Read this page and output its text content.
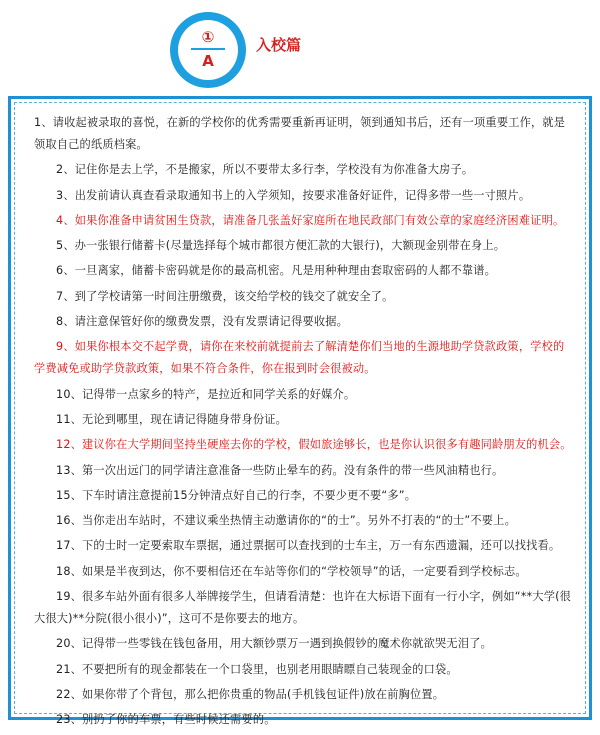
①
A
入校篇

1、请收起被录取的喜悦，在新的学校你的优秀需要重新再证明，领到通知书后，还有一项重要工作，就是领取自己的纸质档案。

2、记住你是去上学，不是搬家，所以不要带太多行李，学校没有为你准备大房子。

3、出发前请认真查看录取通知书上的入学须知，按要求准备好证件，记得多带一些一寸照片。

4、如果你准备申请贫困生贷款，请准备几张盖好家庭所在地民政部门有效公章的家庭经济困难证明。

5、办一张银行储蓄卡(尽量选择每个城市都很方便汇款的大银行)，大额现金别带在身上。

6、一旦离家，储蓄卡密码就是你的最高机密。凡是用种种理由套取密码的人都不靠谱。

7、到了学校请第一时间注册缴费，该交给学校的钱交了就安全了。

8、请注意保管好你的缴费发票，没有发票请记得要收据。

9、如果你根本交不起学费，请你在来校前就提前去了解清楚你们当地的生源地助学贷款政策，学校的学费减免或助学贷款政策，如果不符合条件，你在报到时会很被动。

10、记得带一点家乡的特产，是拉近和同学关系的好媒介。

11、无论到哪里，现在请记得随身带身份证。

12、建议你在大学期间坚持坐硬座去你的学校，假如旅途够长，也是你认识很多有趣同龄朋友的机会。

13、第一次出远门的同学请注意准备一些防止晕车的药。没有条件的带一些风油精也行。

15、下车时请注意提前15分钟清点好自己的行李，不要少更不要“多”。

16、当你走出车站时，不建议乘坐热情主动邀请你的“的士”。另外不打表的“的士”不要上。

17、下的士时一定要索取车票据，通过票据可以查找到的士车主，万一有东西遗漏，还可以找找看。

18、如果是半夜到达，你不要相信还在车站等你们的“学校领导”的话，一定要看到学校标志。

19、很多车站外面有很多人举牌接学生，但请看清楚：也许在大标语下面有一行小字，例如“**大学(很大很大)**分院(很小很小)”，这可不是你要去的地方。

20、记得带一些零钱在钱包备用，用大额钞票万一遇到换假钞的魔术你就欲哭无泪了。

21、不要把所有的现金都装在一个口袋里，也别老用眼睛瞟自己装现金的口袋。

22、如果你带了个背包，那么把你贵重的物品(手机钱包证件)放在前胸位置。

23、别扔了你的车票，有些时候还需要的。
